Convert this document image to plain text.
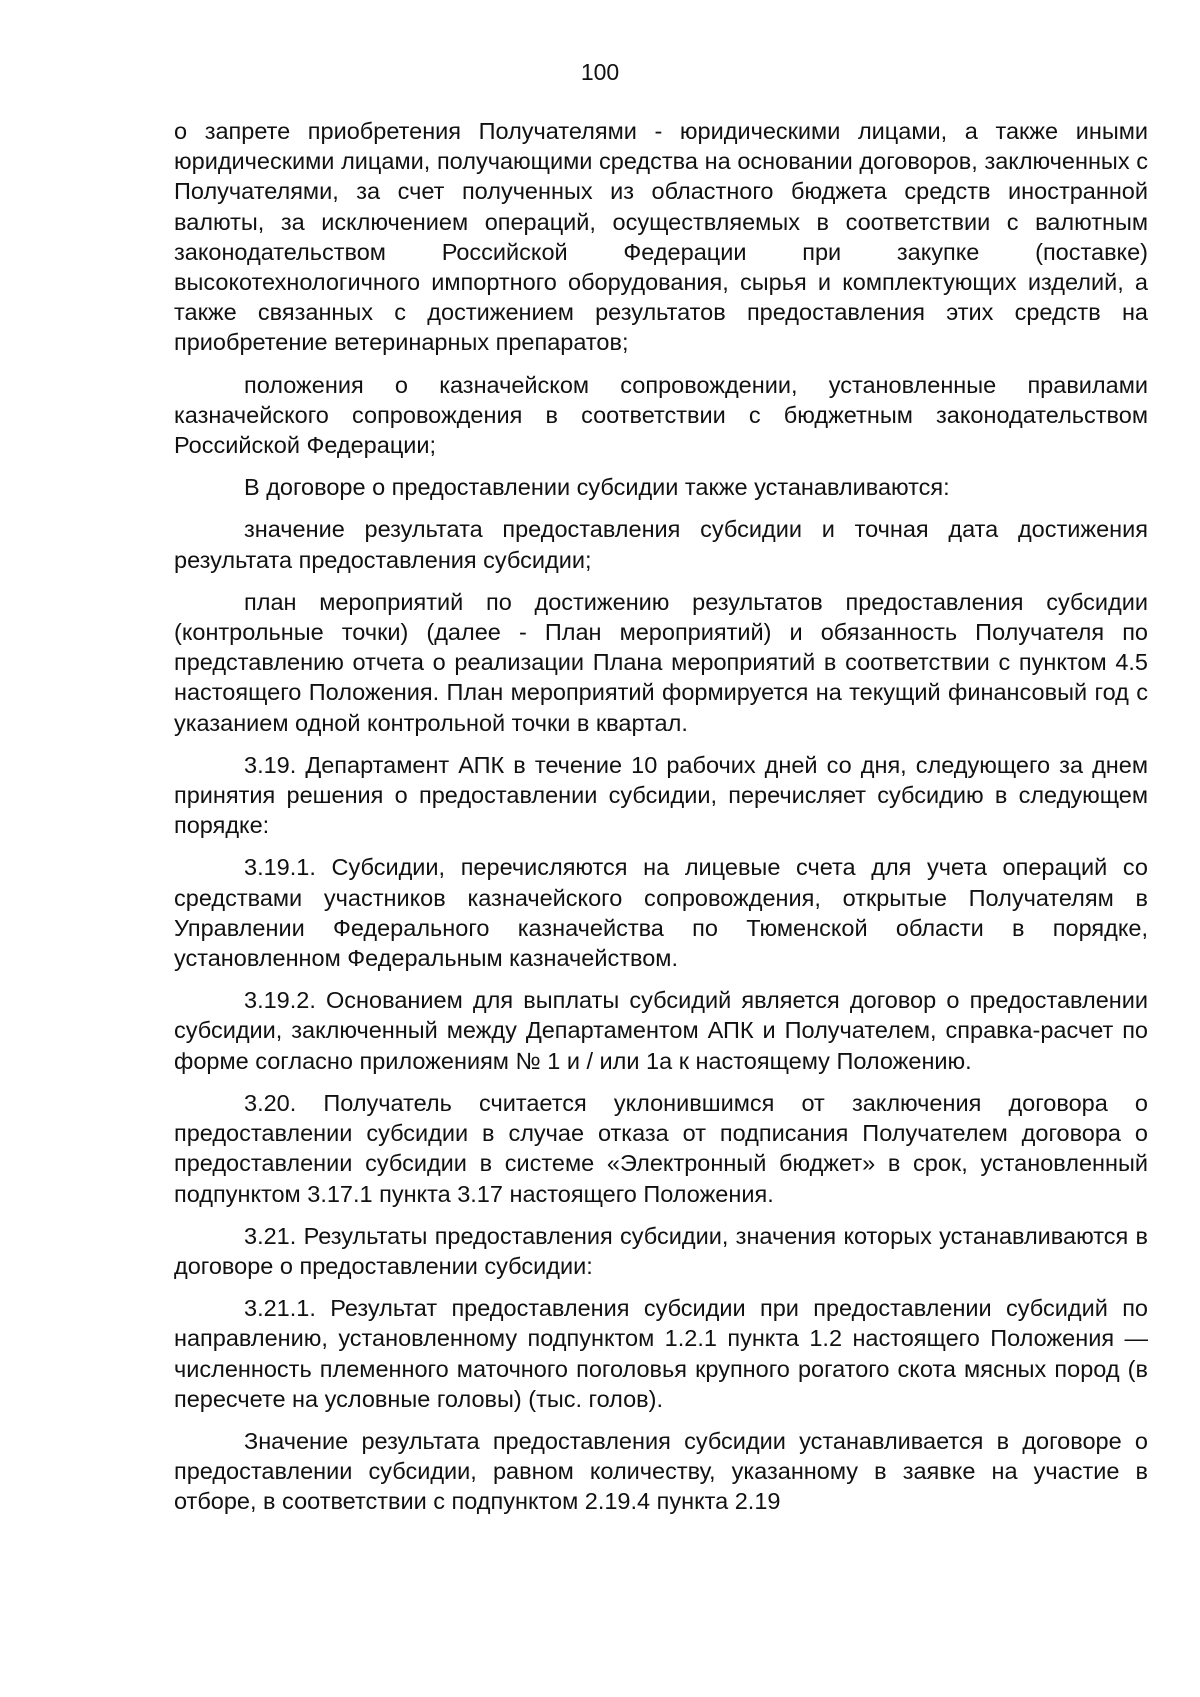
100

о запрете приобретения Получателями - юридическими лицами, а также иными юридическими лицами, получающими средства на основании договоров, заключенных с Получателями, за счет полученных из областного бюджета средств иностранной валюты, за исключением операций, осуществляемых в соответствии с валютным законодательством Российской Федерации при закупке (поставке) высокотехнологичного импортного оборудования, сырья и комплектующих изделий, а также связанных с достижением результатов предоставления этих средств на приобретение ветеринарных препаратов;

положения о казначейском сопровождении, установленные правилами казначейского сопровождения в соответствии с бюджетным законодательством Российской Федерации;

В договоре о предоставлении субсидии также устанавливаются:

значение результата предоставления субсидии и точная дата достижения результата предоставления субсидии;

план мероприятий по достижению результатов предоставления субсидии (контрольные точки) (далее - План мероприятий) и обязанность Получателя по представлению отчета о реализации Плана мероприятий в соответствии с пунктом 4.5 настоящего Положения. План мероприятий формируется на текущий финансовый год с указанием одной контрольной точки в квартал.

3.19. Департамент АПК в течение 10 рабочих дней со дня, следующего за днем принятия решения о предоставлении субсидии, перечисляет субсидию в следующем порядке:

3.19.1. Субсидии, перечисляются на лицевые счета для учета операций со средствами участников казначейского сопровождения, открытые Получателям в Управлении Федерального казначейства по Тюменской области в порядке, установленном Федеральным казначейством.

3.19.2. Основанием для выплаты субсидий является договор о предоставлении субсидии, заключенный между Департаментом АПК и Получателем, справка-расчет по форме согласно приложениям № 1 и / или 1а к настоящему Положению.

3.20. Получатель считается уклонившимся от заключения договора о предоставлении субсидии в случае отказа от подписания Получателем договора о предоставлении субсидии в системе «Электронный бюджет» в срок, установленный подпунктом 3.17.1 пункта 3.17 настоящего Положения.

3.21. Результаты предоставления субсидии, значения которых устанавливаются в договоре о предоставлении субсидии:

3.21.1. Результат предоставления субсидии при предоставлении субсидий по направлению, установленному подпунктом 1.2.1 пункта 1.2 настоящего Положения — численность племенного маточного поголовья крупного рогатого скота мясных пород (в пересчете на условные головы) (тыс. голов).

Значение результата предоставления субсидии устанавливается в договоре о предоставлении субсидии, равном количеству, указанному в заявке на участие в отборе, в соответствии с подпунктом 2.19.4 пункта 2.19
